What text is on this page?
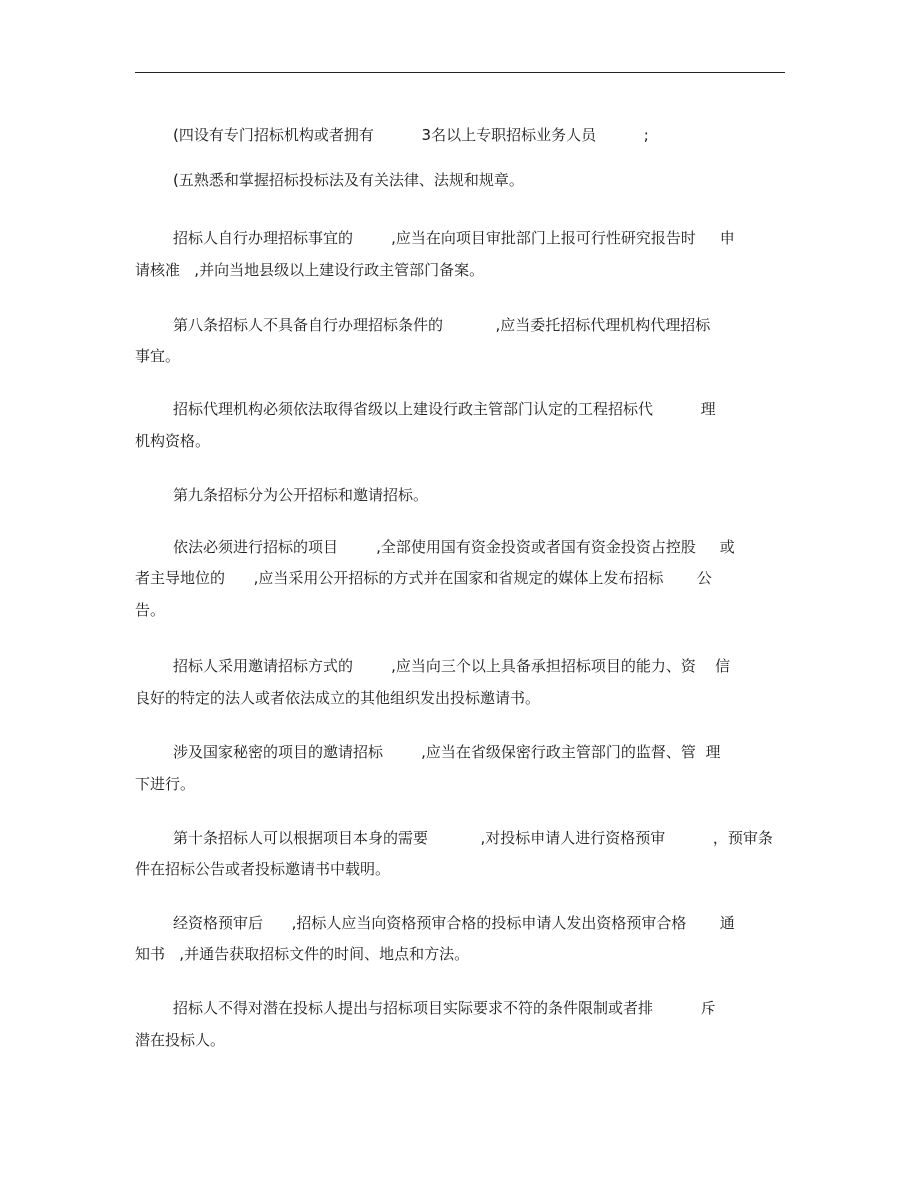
(四设有专门招标机构或者拥有          3名以上专职招标业务人员          ;

(五熟悉和掌握招标投标法及有关法律、法规和规章。

招标人自行办理招标事宜的        ,应当在向项目审批部门上报可行性研究报告时     申

请核准   ,并向当地县级以上建设行政主管部门备案。

第八条招标人不具备自行办理招标条件的           ,应当委托招标代理机构代理招标

事宜。

招标代理机构必须依法取得省级以上建设行政主管部门认定的工程招标代          理

机构资格。

第九条招标分为公开招标和邀请招标。

依法必须进行招标的项目        ,全部使用国有资金投资或者国有资金投资占控股     或

者主导地位的      ,应当采用公开招标的方式并在国家和省规定的媒体上发布招标       公

告。

招标人采用邀请招标方式的        ,应当向三个以上具备承担招标项目的能力、资    信

良好的特定的法人或者依法成立的其他组织发出投标邀请书。

涉及国家秘密的项目的邀请招标        ,应当在省级保密行政主管部门的监督、管  理

下进行。

第十条招标人可以根据项目本身的需要           ,对投标申请人进行资格预审          ，预审条

件在招标公告或者投标邀请书中载明。

经资格预审后      ,招标人应当向资格预审合格的投标申请人发出资格预审合格       通

知书   ,并通告获取招标文件的时间、地点和方法。

招标人不得对潜在投标人提出与招标项目实际要求不符的条件限制或者排          斥

潜在投标人。
